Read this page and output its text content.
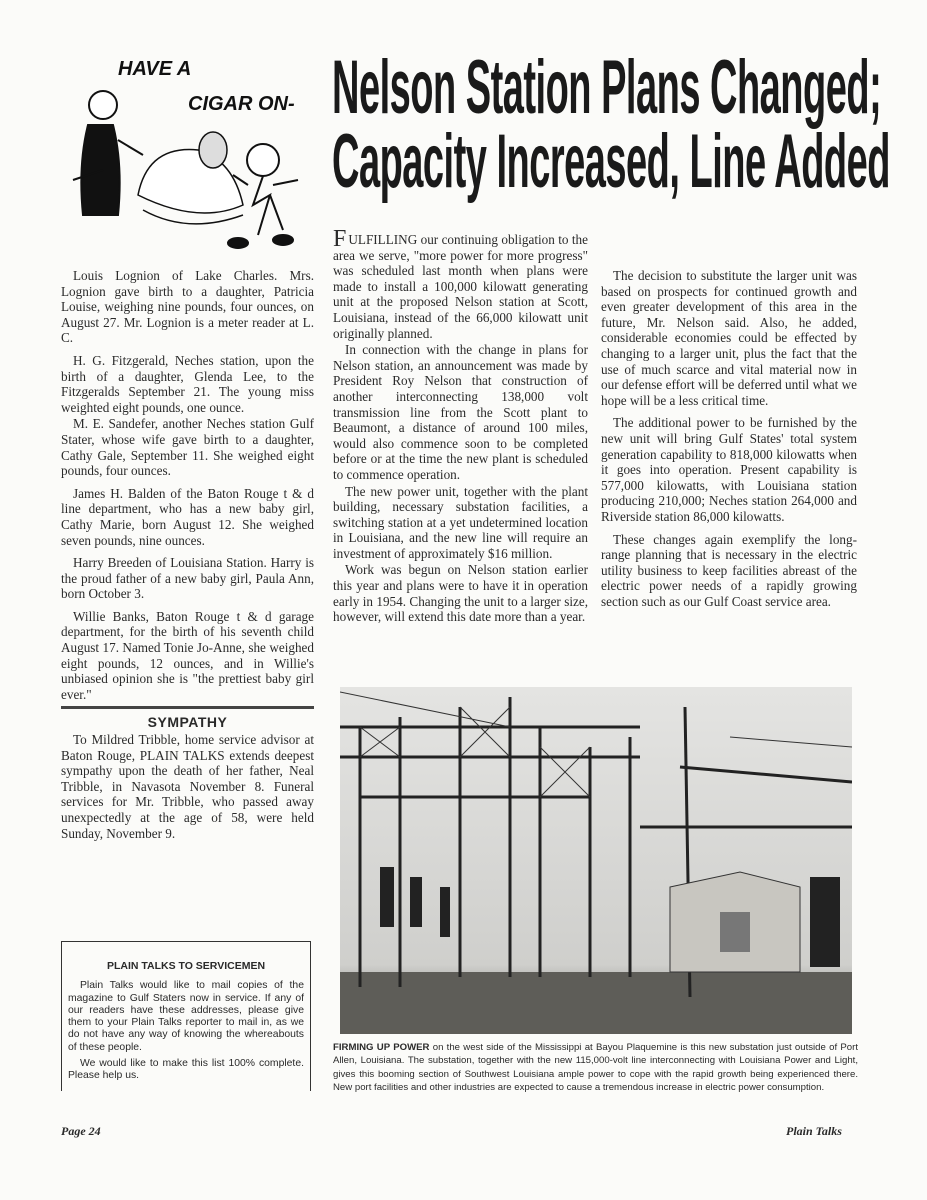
HAVE A
CIGAR ON- Nelson Station Plans Changed;
Capacity Increased, Line Added

Louis Lognion of Lake Charles. Mrs. Lognion gave birth to a daughter, Patricia Louise, weighing nine pounds, four ounces, on August 27. Mr. Lognion is a meter reader at L. C.

H. G. Fitzgerald, Neches station, upon the birth of a daughter, Glenda Lee, to the Fitzgeralds September 21. The young miss weighted eight pounds, one ounce.

M. E. Sandefer, another Neches station Gulf Stater, whose wife gave birth to a daughter, Cathy Gale, September 11. She weighed eight pounds, four ounces.

James H. Balden of the Baton Rouge t & d line department, who has a new baby girl, Cathy Marie, born August 12. She weighed seven pounds, nine ounces.

Harry Breeden of Louisiana Station. Harry is the proud father of a new baby girl, Paula Ann, born October 3.

Willie Banks, Baton Rouge t & d garage department, for the birth of his seventh child August 17. Named Tonie Jo-Anne, she weighed eight pounds, 12 ounces, and in Willie's unbiased opinion she is "the prettiest baby girl ever."

SYMPATHY

To Mildred Tribble, home service advisor at Baton Rouge, PLAIN TALKS extends deepest sympathy upon the death of her father, Neal Tribble, in Navasota November 8. Funeral services for Mr. Tribble, who passed away unexpectedly at the age of 58, were held Sunday, November 9.

PLAIN TALKS TO SERVICEMEN

Plain Talks would like to mail copies of the magazine to Gulf Staters now in service. If any of our readers have these addresses, please give them to your Plain Talks reporter to mail in, as we do not have any way of knowing the whereabouts of these people.

We would like to make this list 100% complete. Please help us.

FULFILLING our continuing obligation to the area we serve, "more power for more progress" was scheduled last month when plans were made to install a 100,000 kilowatt generating unit at the proposed Nelson station at Scott, Louisiana, instead of the 66,000 kilowatt unit originally planned.

In connection with the change in plans for Nelson station, an announcement was made by President Roy Nelson that construction of another interconnecting 138,000 volt transmission line from the Scott plant to Beaumont, a distance of around 100 miles, would also commence soon to be completed before or at the time the new plant is scheduled to commence operation.

The new power unit, together with the plant building, necessary substation facilities, a switching station at a yet undetermined location in Louisiana, and the new line will require an investment of approximately $16 million.

Work was begun on Nelson station earlier this year and plans were to have it in operation early in 1954. Changing the unit to a larger size, however, will extend this date more than a year.

The decision to substitute the larger unit was based on prospects for continued growth and even greater development of this area in the future, Mr. Nelson said. Also, he added, considerable economies could be effected by changing to a larger unit, plus the fact that the use of much scarce and vital material now in our defense effort will be deferred until what we hope will be a less critical time.

The additional power to be furnished by the new unit will bring Gulf States' total system generation capability to 818,000 kilowatts when it goes into operation. Present capability is 577,000 kilowatts, with Louisiana station producing 210,000; Neches station 264,000 and Riverside station 86,000 kilowatts.

These changes again exemplify the long-range planning that is necessary in the electric utility business to keep facilities abreast of the electric power needs of a rapidly growing section such as our Gulf Coast service area.

FIRMING UP POWER on the west side of the Mississippi at Bayou Plaquemine is this new substation just outside of Port Allen, Louisiana. The substation, together with the new 115,000-volt line interconnecting with Louisiana Power and Light, gives this booming section of Southwest Louisiana ample power to cope with the rapid growth being experienced there. New port facilities and other industries are expected to cause a tremendous increase in electric power consumption.
Page 24	Plain Talks
